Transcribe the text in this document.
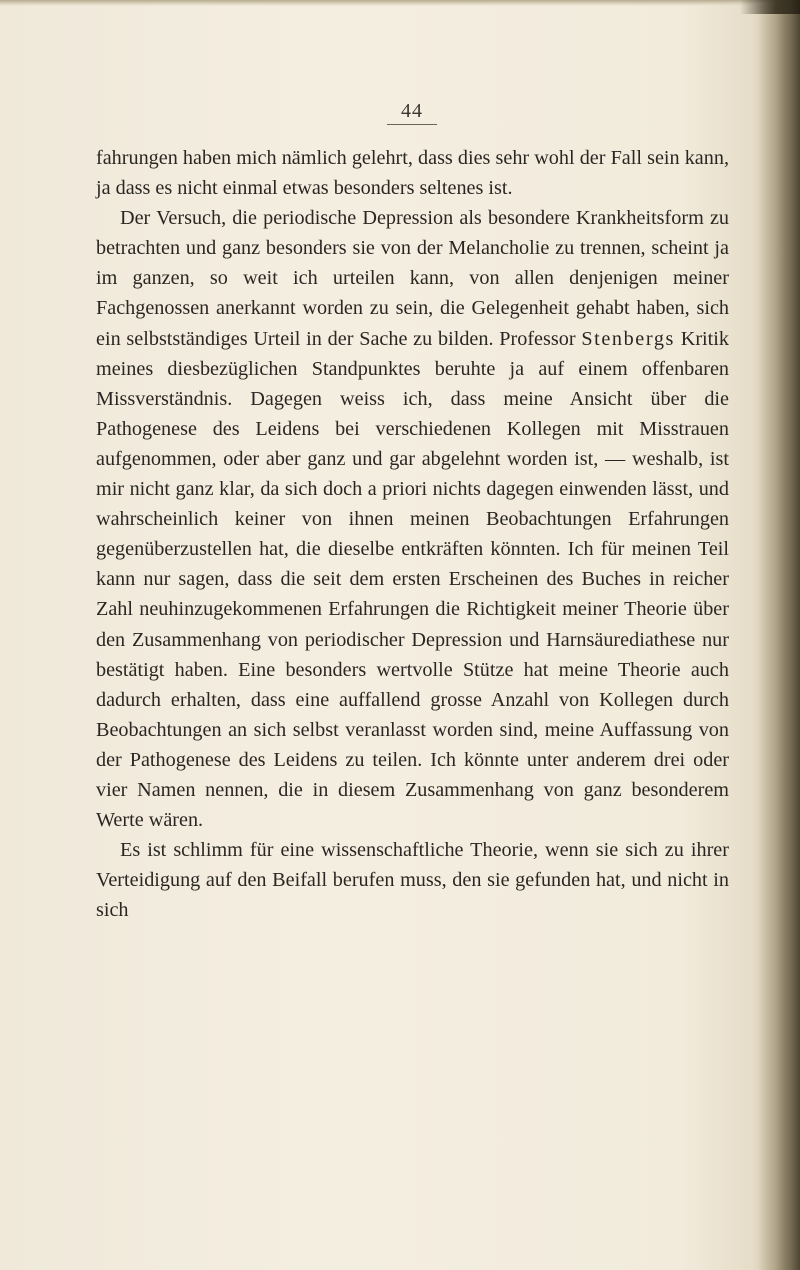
44

fahrungen haben mich nämlich gelehrt, dass dies sehr wohl der Fall sein kann, ja dass es nicht einmal etwas besonders seltenes ist.

Der Versuch, die periodische Depression als besondere Krankheitsform zu betrachten und ganz besonders sie von der Melancholie zu trennen, scheint ja im ganzen, so weit ich urteilen kann, von allen denjenigen meiner Fachgenossen anerkannt worden zu sein, die Gelegenheit gehabt haben, sich ein selbstständiges Urteil in der Sache zu bilden. Professor Stenbergs Kritik meines diesbezüglichen Standpunktes beruhte ja auf einem offenbaren Missverständnis. Dagegen weiss ich, dass meine Ansicht über die Pathogenese des Leidens bei verschiedenen Kollegen mit Misstrauen aufgenommen, oder aber ganz und gar abgelehnt worden ist, — weshalb, ist mir nicht ganz klar, da sich doch a priori nichts dagegen einwenden lässt, und wahrscheinlich keiner von ihnen meinen Beobachtungen Erfahrungen gegenüberzustellen hat, die dieselbe entkräften könnten. Ich für meinen Teil kann nur sagen, dass die seit dem ersten Erscheinen des Buches in reicher Zahl neuhinzugekommenen Erfahrungen die Richtigkeit meiner Theorie über den Zusammenhang von periodischer Depression und Harnsäurediathese nur bestätigt haben. Eine besonders wertvolle Stütze hat meine Theorie auch dadurch erhalten, dass eine auffallend grosse Anzahl von Kollegen durch Beobachtungen an sich selbst veranlasst worden sind, meine Auffassung von der Pathogenese des Leidens zu teilen. Ich könnte unter anderem drei oder vier Namen nennen, die in diesem Zusammenhang von ganz besonderem Werte wären.

Es ist schlimm für eine wissenschaftliche Theorie, wenn sie sich zu ihrer Verteidigung auf den Beifall berufen muss, den sie gefunden hat, und nicht in sich
